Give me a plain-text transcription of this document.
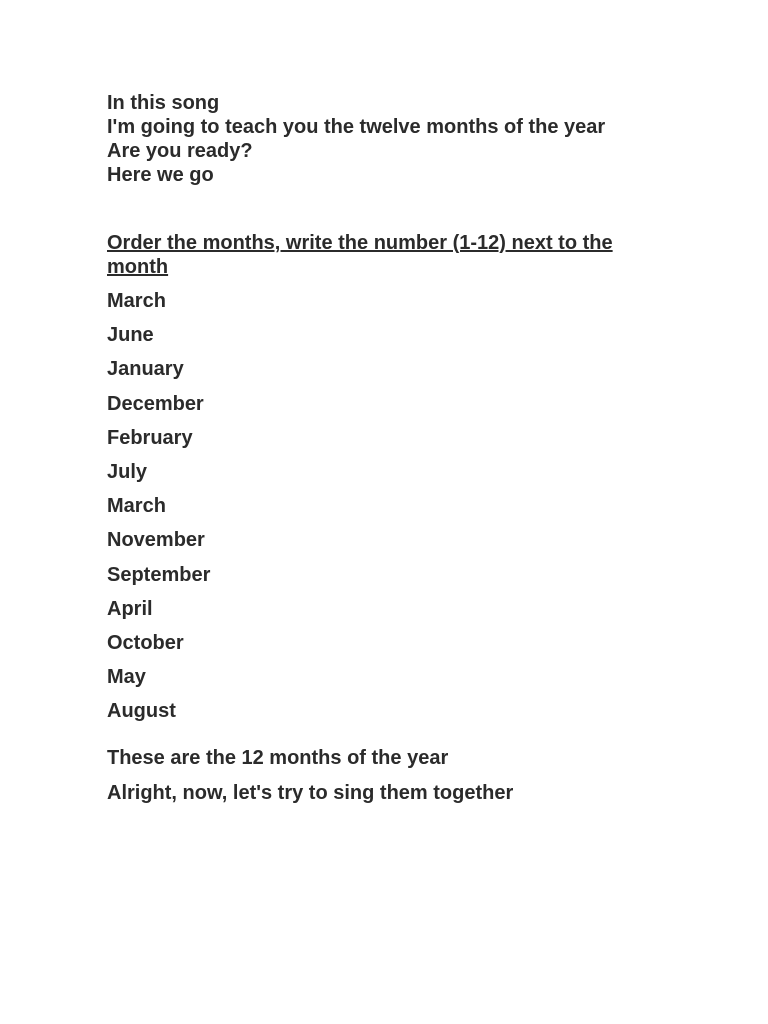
In this song

I'm going to teach you the twelve months of the year

Are you ready?

Here we go

Order the months, write the number (1-12) next to the month
March
June
January
December
February
July
March
November
September
April
October
May
August

These are the 12 months of the year

Alright, now, let's try to sing them together
